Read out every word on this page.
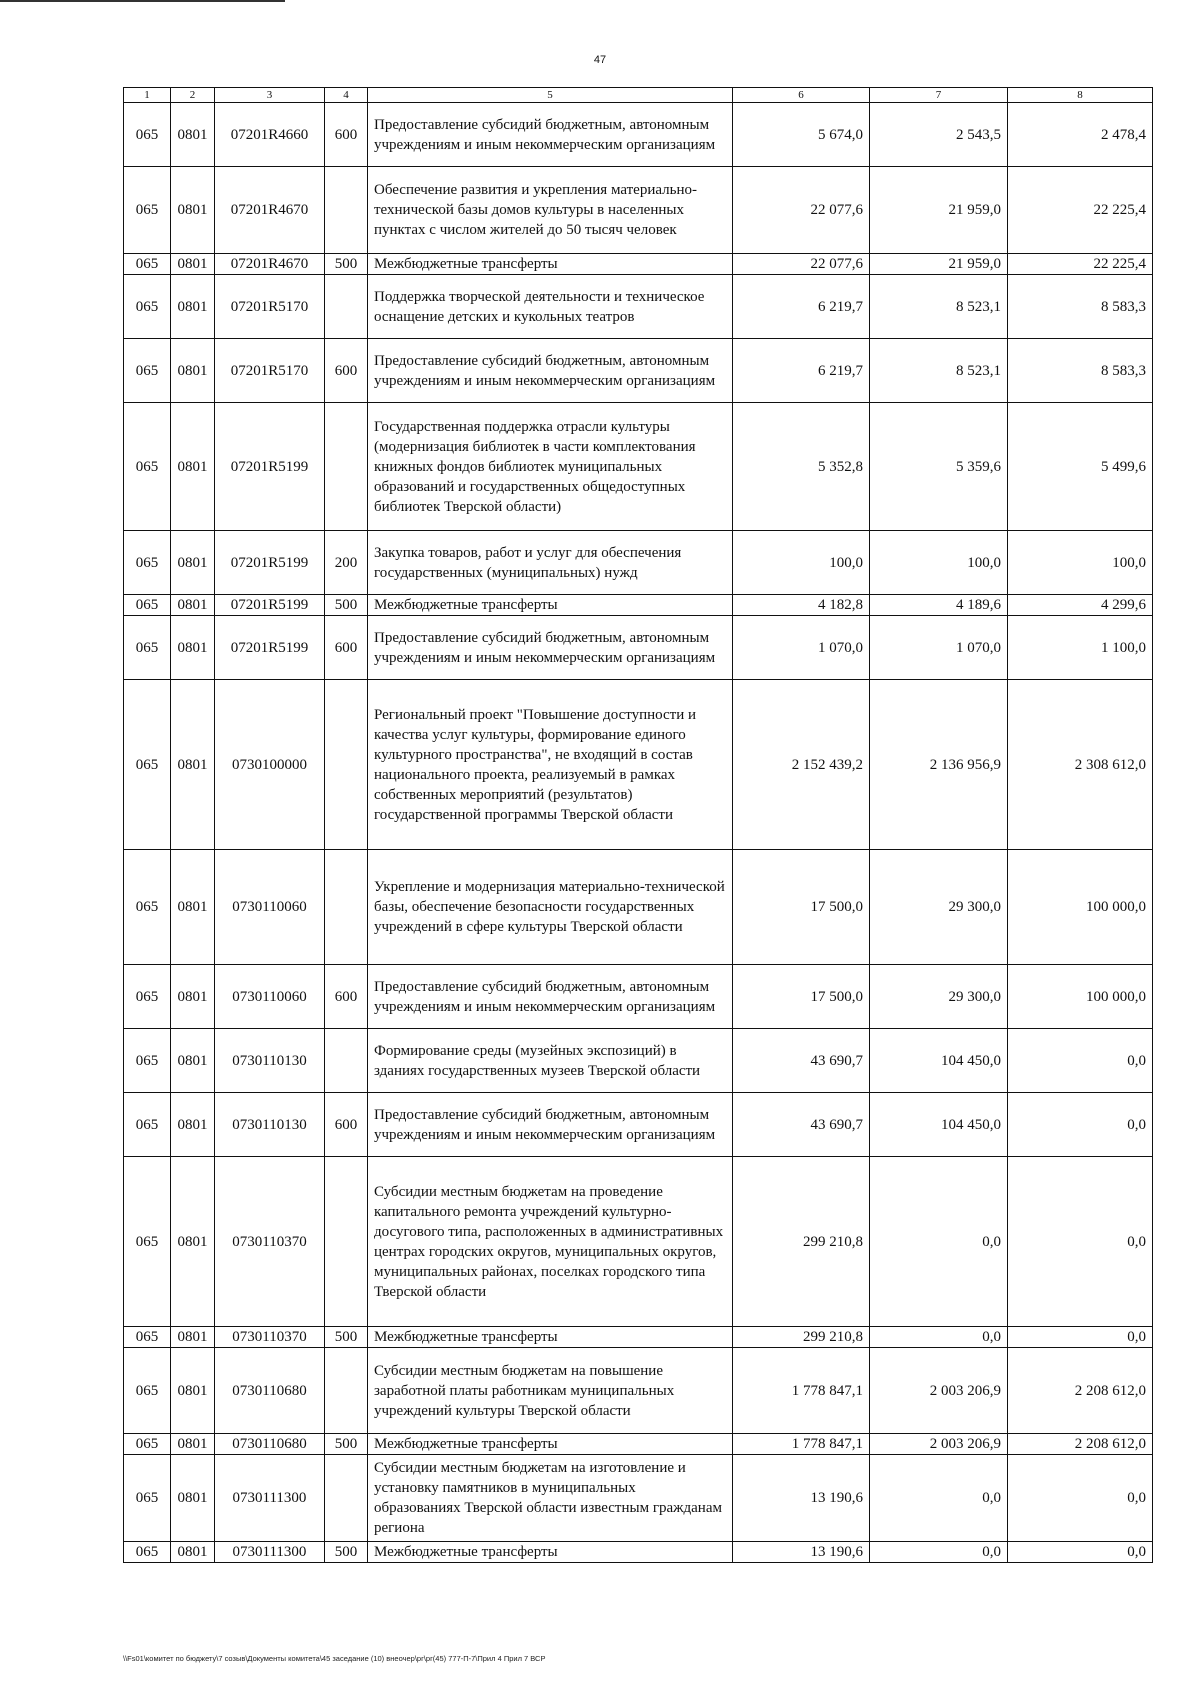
47
1	2	3	4	5	6	7	8
065	0801	07201R4660	600	Предоставление субсидий бюджетным, автономным учреждениям и иным некоммерческим организациям	5 674,0	2 543,5	2 478,4
065	0801	07201R4670		Обеспечение развития и укрепления материально-технической базы домов культуры в населенных пунктах с числом жителей до 50 тысяч человек	22 077,6	21 959,0	22 225,4
065	0801	07201R4670	500	Межбюджетные трансферты	22 077,6	21 959,0	22 225,4
065	0801	07201R5170		Поддержка творческой деятельности и техническое оснащение детских и кукольных театров	6 219,7	8 523,1	8 583,3
065	0801	07201R5170	600	Предоставление субсидий бюджетным, автономным учреждениям и иным некоммерческим организациям	6 219,7	8 523,1	8 583,3
065	0801	07201R5199		Государственная поддержка отрасли культуры (модернизация библиотек в части комплектования книжных фондов библиотек муниципальных образований и государственных общедоступных библиотек Тверской области)	5 352,8	5 359,6	5 499,6
065	0801	07201R5199	200	Закупка товаров, работ и услуг для обеспечения государственных (муниципальных) нужд	100,0	100,0	100,0
065	0801	07201R5199	500	Межбюджетные трансферты	4 182,8	4 189,6	4 299,6
065	0801	07201R5199	600	Предоставление субсидий бюджетным, автономным учреждениям и иным некоммерческим организациям	1 070,0	1 070,0	1 100,0
065	0801	0730100000		Региональный проект "Повышение доступности и качества услуг культуры, формирование единого культурного пространства", не входящий в состав национального проекта, реализуемый в рамках собственных мероприятий (результатов) государственной программы Тверской области	2 152 439,2	2 136 956,9	2 308 612,0
065	0801	0730110060		Укрепление и модернизация материально-технической базы, обеспечение безопасности государственных учреждений в сфере культуры Тверской области	17 500,0	29 300,0	100 000,0
065	0801	0730110060	600	Предоставление субсидий бюджетным, автономным учреждениям и иным некоммерческим организациям	17 500,0	29 300,0	100 000,0
065	0801	0730110130		Формирование среды (музейных экспозиций) в зданиях государственных музеев Тверской области	43 690,7	104 450,0	0,0
065	0801	0730110130	600	Предоставление субсидий бюджетным, автономным учреждениям и иным некоммерческим организациям	43 690,7	104 450,0	0,0
065	0801	0730110370		Субсидии местным бюджетам на проведение капитального ремонта учреждений культурно-досугового типа, расположенных в административных центрах городских округов, муниципальных округов, муниципальных районах, поселках городского типа Тверской области	299 210,8	0,0	0,0
065	0801	0730110370	500	Межбюджетные трансферты	299 210,8	0,0	0,0
065	0801	0730110680		Субсидии местным бюджетам на повышение заработной платы работникам муниципальных учреждений культуры Тверской области	1 778 847,1	2 003 206,9	2 208 612,0
065	0801	0730110680	500	Межбюджетные трансферты	1 778 847,1	2 003 206,9	2 208 612,0
065	0801	0730111300		Субсидии местным бюджетам на изготовление и установку памятников в муниципальных образованиях Тверской области известным гражданам региона	13 190,6	0,0	0,0
065	0801	0730111300	500	Межбюджетные трансферты	13 190,6	0,0	0,0
\\Fs01\комитет по бюджету\7 созыв\Документы комитета\45 заседание (10) внеочер\рг\рг(45) 777-П-7\Прил 4 Прил 7 ВСР
